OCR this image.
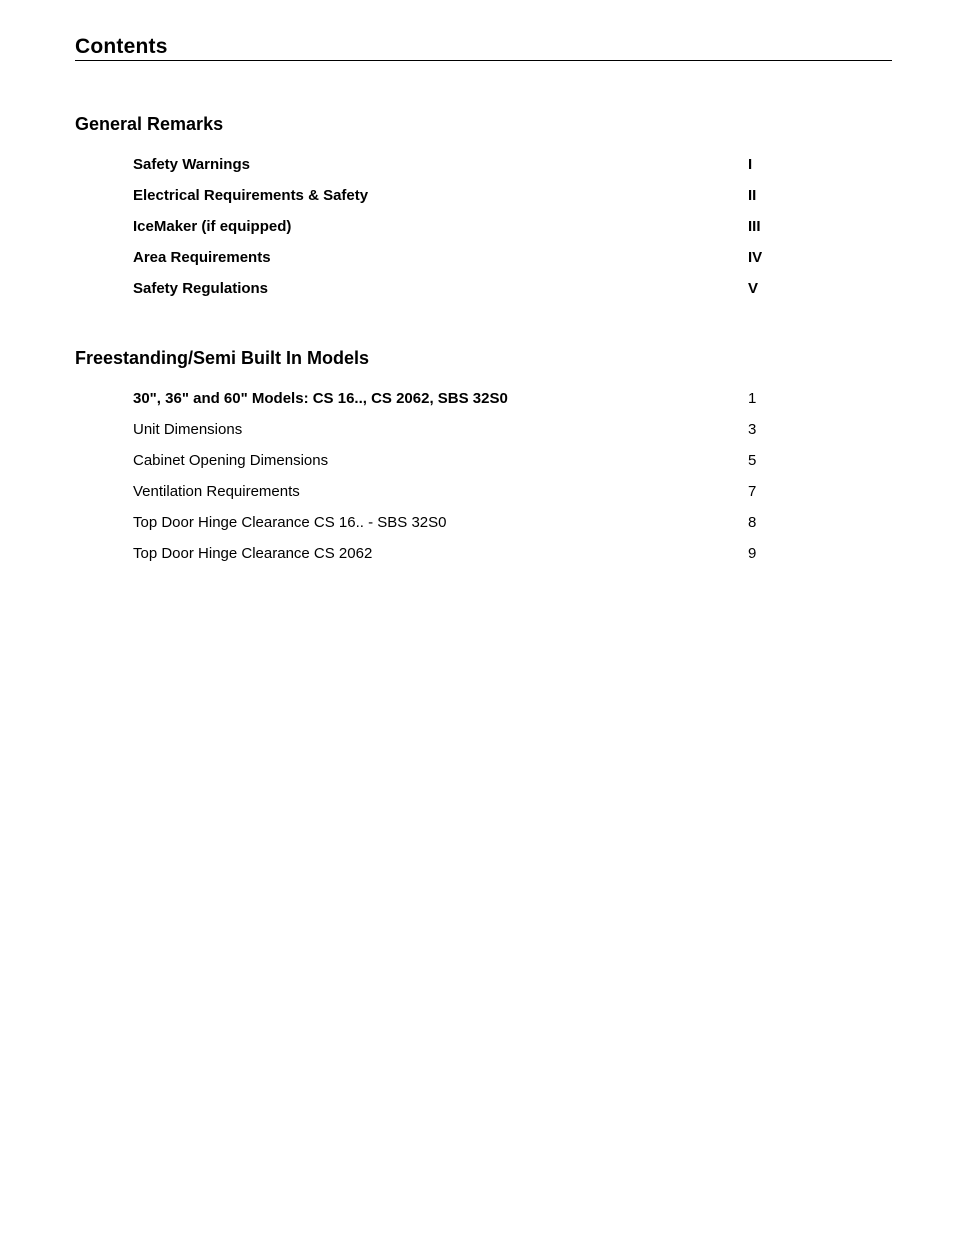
Contents
General Remarks
Safety Warnings	I
Electrical Requirements & Safety	II
IceMaker (if equipped)	III
Area Requirements	IV
Safety Regulations	V
Freestanding/Semi Built In Models
30", 36" and 60" Models: CS 16.., CS 2062, SBS 32S0	1
Unit Dimensions	3
Cabinet Opening Dimensions	5
Ventilation Requirements	7
Top Door Hinge Clearance CS 16.. - SBS 32S0	8
Top Door Hinge Clearance CS 2062	9
